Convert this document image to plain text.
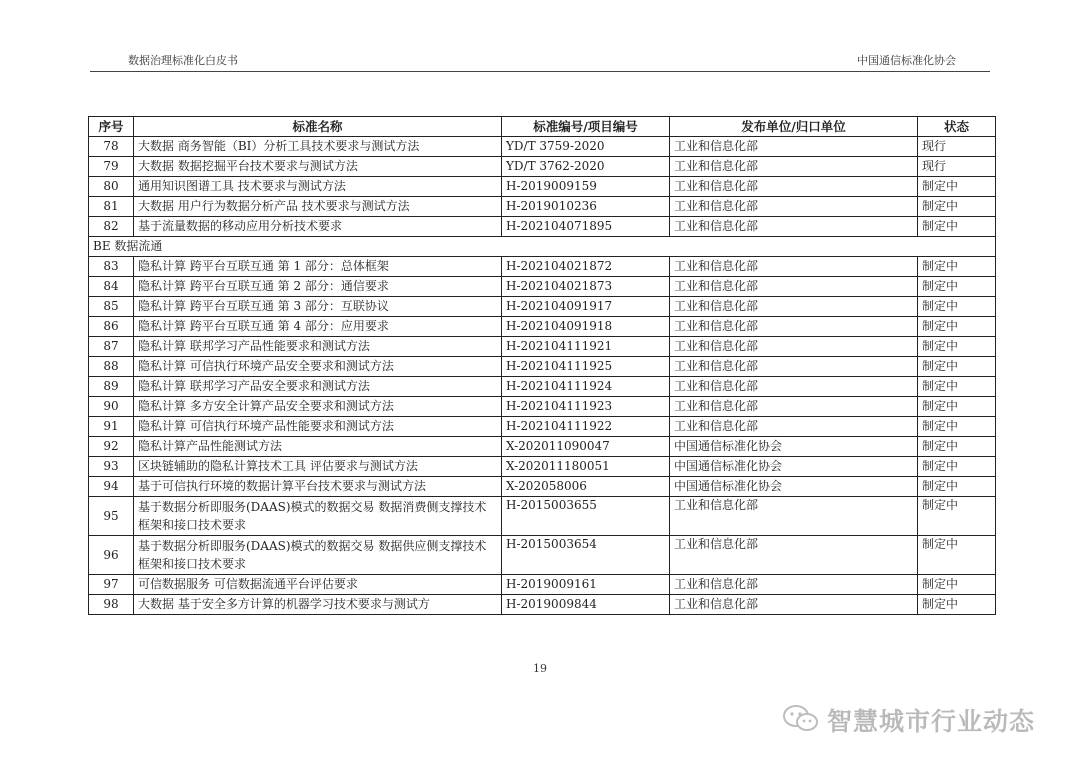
数据治理标准化白皮书	中国通信标准化协会
序号	标准名称	标准编号/项目编号	发布单位/归口单位	状态
78	大数据 商务智能（BI）分析工具技术要求与测试方法	YD/T 3759-2020	工业和信息化部	现行
79	大数据 数据挖掘平台技术要求与测试方法	YD/T 3762-2020	工业和信息化部	现行
80	通用知识图谱工具 技术要求与测试方法	H-2019009159	工业和信息化部	制定中
81	大数据 用户行为数据分析产品 技术要求与测试方法	H-2019010236	工业和信息化部	制定中
82	基于流量数据的移动应用分析技术要求	H-202104071895	工业和信息化部	制定中
BE 数据流通				
83	隐私计算 跨平台互联互通 第 1 部分：总体框架	H-202104021872	工业和信息化部	制定中
84	隐私计算 跨平台互联互通 第 2 部分：通信要求	H-202104021873	工业和信息化部	制定中
85	隐私计算 跨平台互联互通 第 3 部分：互联协议	H-202104091917	工业和信息化部	制定中
86	隐私计算 跨平台互联互通 第 4 部分：应用要求	H-202104091918	工业和信息化部	制定中
87	隐私计算 联邦学习产品性能要求和测试方法	H-202104111921	工业和信息化部	制定中
88	隐私计算 可信执行环境产品安全要求和测试方法	H-202104111925	工业和信息化部	制定中
89	隐私计算 联邦学习产品安全要求和测试方法	H-202104111924	工业和信息化部	制定中
90	隐私计算 多方安全计算产品安全要求和测试方法	H-202104111923	工业和信息化部	制定中
91	隐私计算 可信执行环境产品性能要求和测试方法	H-202104111922	工业和信息化部	制定中
92	隐私计算产品性能测试方法	X-202011090047	中国通信标准化协会	制定中
93	区块链辅助的隐私计算技术工具 评估要求与测试方法	X-202011180051	中国通信标准化协会	制定中
94	基于可信执行环境的数据计算平台技术要求与测试方法	X-202058006	中国通信标准化协会	制定中
95	基于数据分析即服务(DAAS)模式的数据交易 数据消费侧支撑技术框架和接口技术要求	H-2015003655	工业和信息化部	制定中
96	基于数据分析即服务(DAAS)模式的数据交易 数据供应侧支撑技术框架和接口技术要求	H-2015003654	工业和信息化部	制定中
97	可信数据服务 可信数据流通平台评估要求	H-2019009161	工业和信息化部	制定中
98	大数据 基于安全多方计算的机器学习技术要求与测试方	H-2019009844	工业和信息化部	制定中
19
智慧城市行业动态
